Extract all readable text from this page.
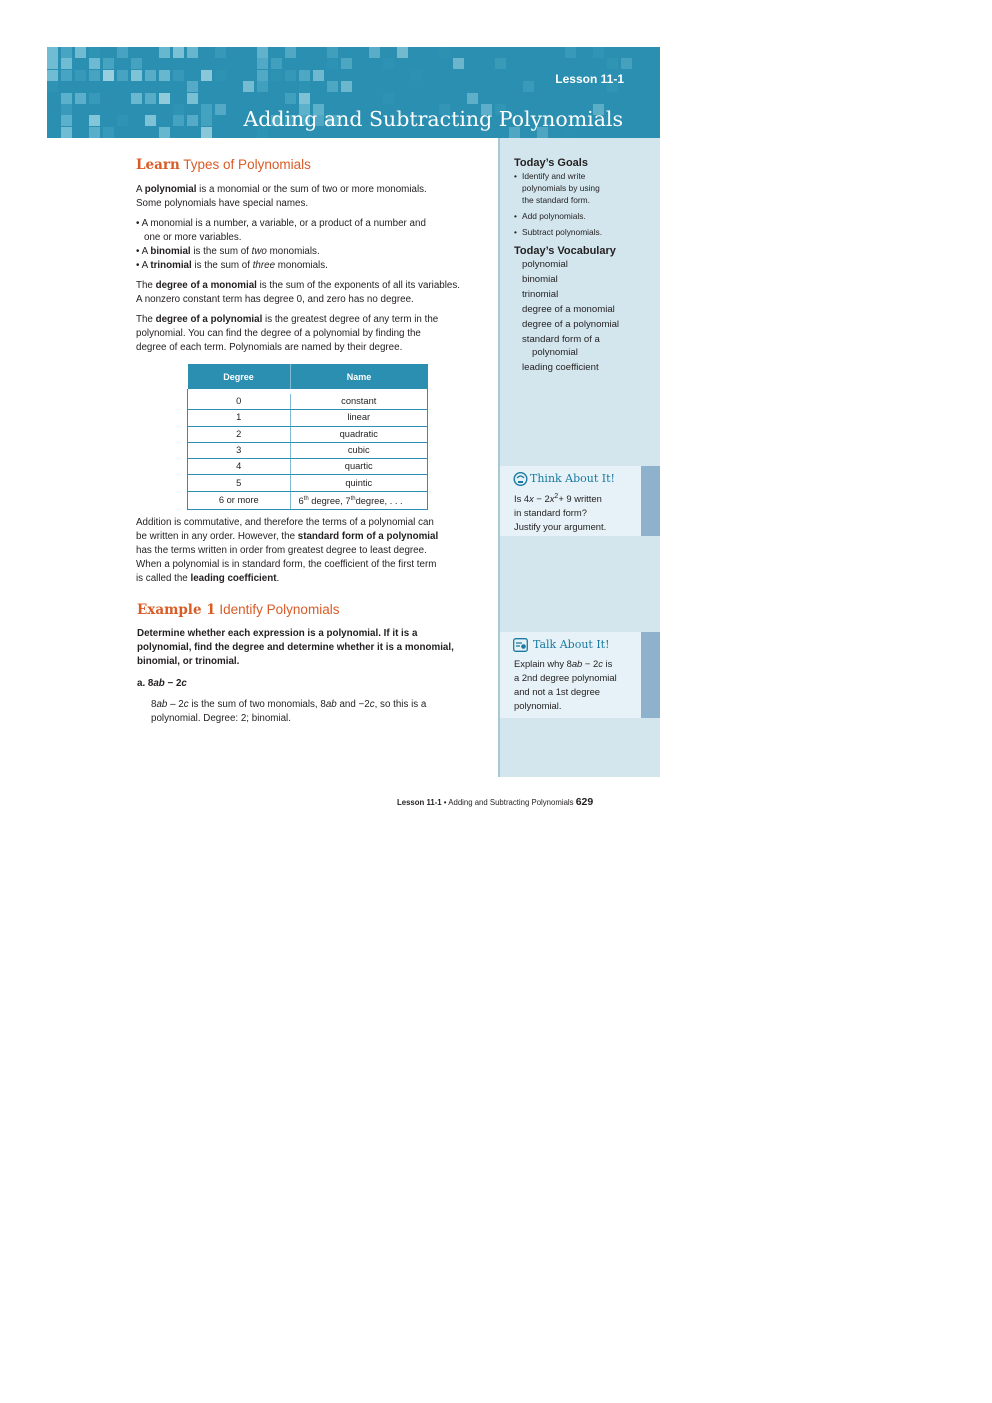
Lesson 11-1
Adding and Subtracting Polynomials
Today’s Goals
• Identify and write
polynomials by using
the standard form.
• Add polynomials.
• Subtract polynomials.
Today’s Vocabulary
polynomial
binomial
trinomial
degree of a monomial
degree of a polynomial
standard form of a
polynomial
leading coefficient
Think About It!
Is $4x - 2x^2+ 9$ written
in standard form?
Justify your argument.
Talk About It!
Explain why 8ab − 2c is
a 2nd degree polynomial
and not a 1st degree
polynomial.
Learn Types of Polynomials
A polynomial is a monomial or the sum of two or more monomials.
Some polynomials have special names.
• A monomial is a number, a variable, or a product of a number and
one or more variables.
• A binomial is the sum of two monomials.
• A trinomial is the sum of three monomials.
The degree of a monomial is the sum of the exponents of all its variables.
A nonzero constant term has degree 0, and zero has no degree.
The degree of a polynomial is the greatest degree of any term in the
polynomial. You can find the degree of a polynomial by finding the
degree of each term. Polynomials are named by their degree.
Degree	Name

0	constant
1	linear
2	quadratic
3	cubic
4	quartic
5	quintic
6 or more	6th degree, 7thdegree, . . .
Addition is commutative, and therefore the terms of a polynomial can
be written in any order. However, the standard form of a polynomial
has the terms written in order from greatest degree to least degree.
When a polynomial is in standard form, the coefficient of the first term
is called the leading coefficient.
Example 1 Identify Polynomials
Determine whether each expression is a polynomial. If it is a
polynomial, find the degree and determine whether it is a monomial,
binomial, or trinomial.
a. 8ab − 2c
8ab – 2c is the sum of two monomials, 8ab and −2c, so this is a
polynomial. Degree: 2; binomial.
Lesson 11-1 • Adding and Subtracting Polynomials 629
